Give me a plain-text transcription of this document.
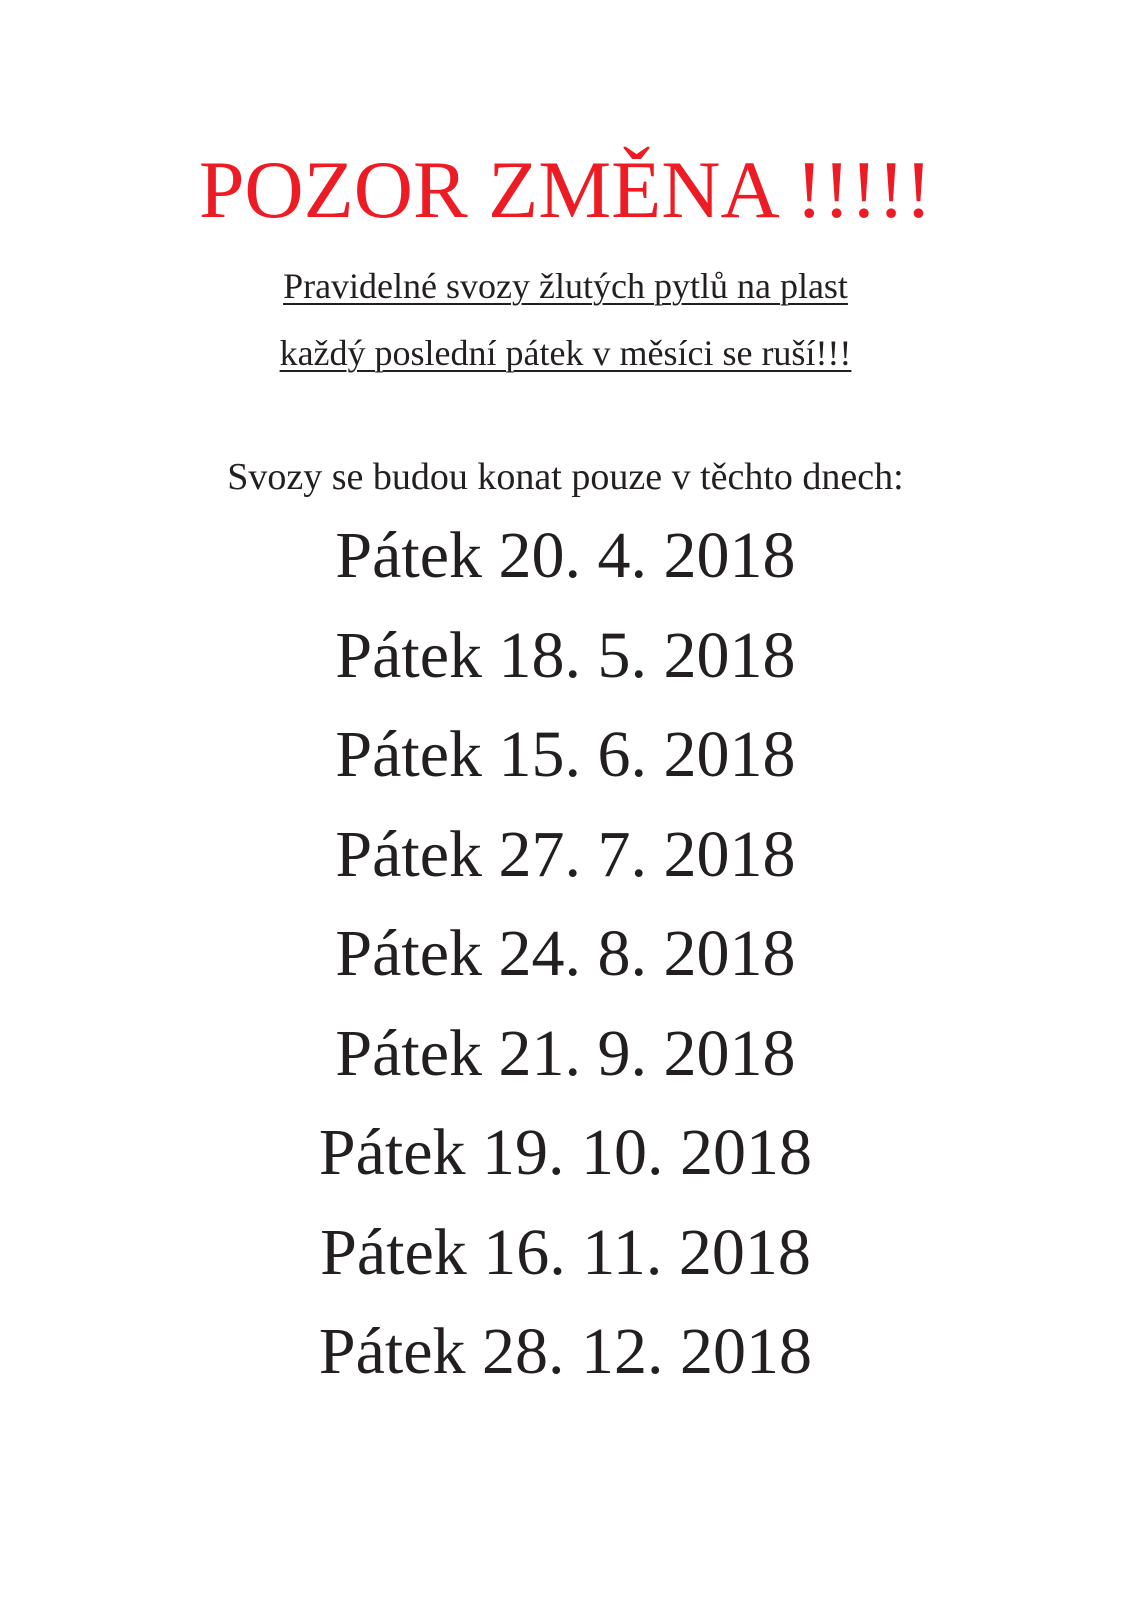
POZOR ZMĚNA !!!!!
Pravidelné svozy žlutých pytlů na plast
každý poslední pátek v měsíci se ruší!!!
Svozy se budou konat pouze v těchto dnech:
Pátek 20. 4. 2018
Pátek 18. 5. 2018
Pátek 15. 6. 2018
Pátek 27. 7. 2018
Pátek 24. 8. 2018
Pátek 21. 9. 2018
Pátek 19. 10. 2018
Pátek 16. 11. 2018
Pátek 28. 12. 2018
